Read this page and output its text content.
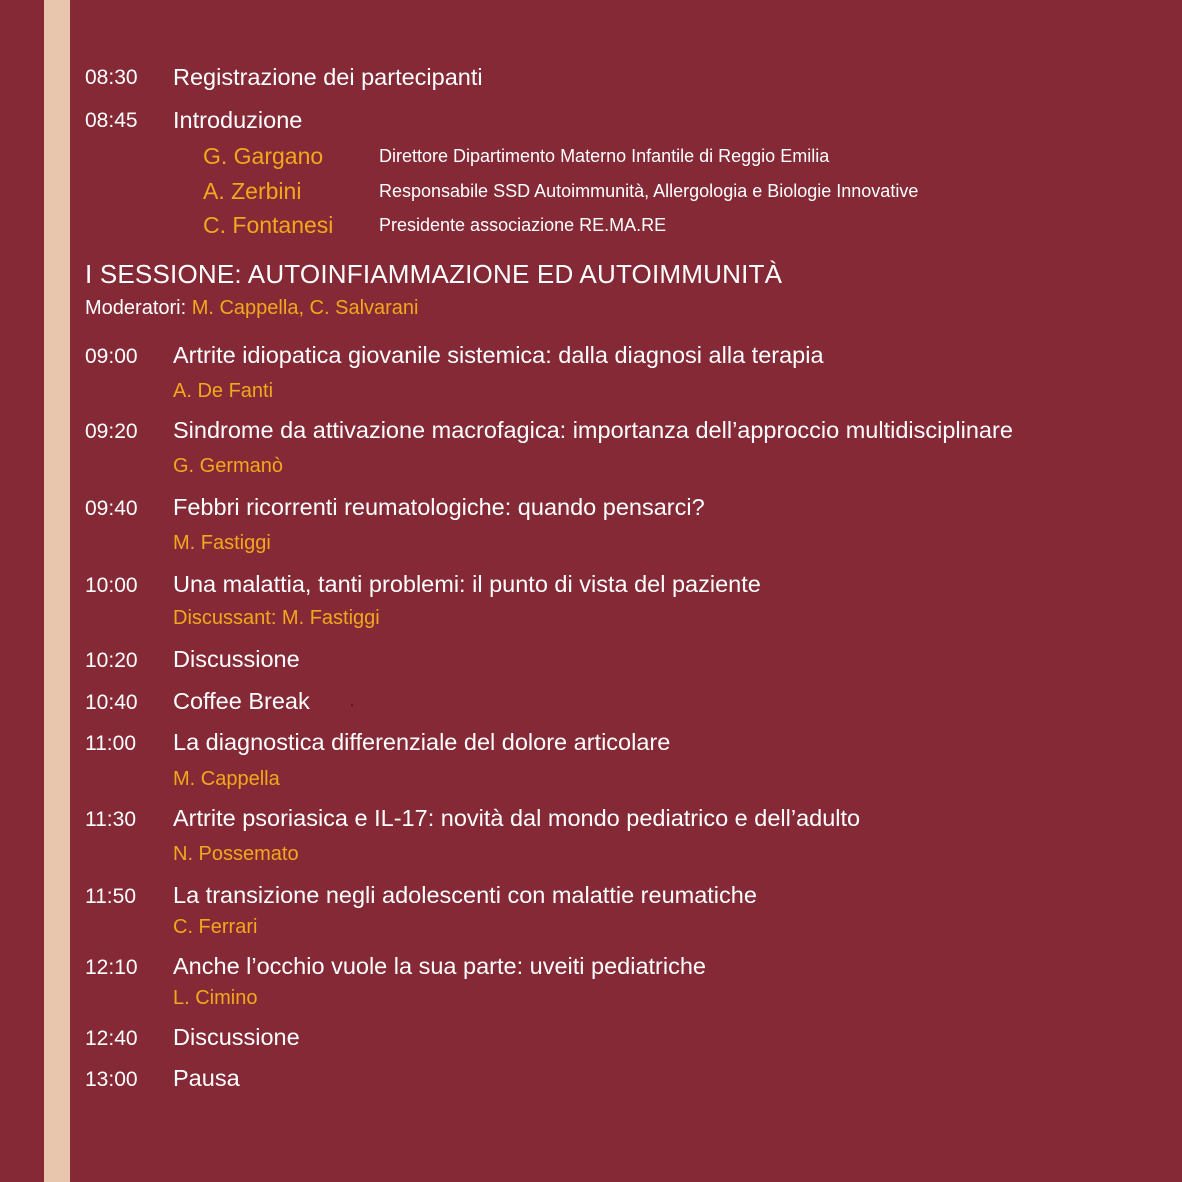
08:30 Registrazione dei partecipanti
08:45 Introduzione
G. Gargano	Direttore Dipartimento Materno Infantile di Reggio Emilia
A. Zerbini	Responsabile SSD Autoimmunità, Allergologia e Biologie Innovative
C. Fontanesi	Presidente associazione RE.MA.RE
I SESSIONE: AUTOINFIAMMAZIONE ED AUTOIMMUNITÀ
Moderatori: M. Cappella, C. Salvarani
09:00 Artrite idiopatica giovanile sistemica: dalla diagnosi alla terapia
A. De Fanti
09:20 Sindrome da attivazione macrofagica: importanza dell’approccio multidisciplinare
G. Germanò
09:40 Febbri ricorrenti reumatologiche: quando pensarci?
M. Fastiggi
10:00 Una malattia, tanti problemi: il punto di vista del paziente
Discussant: M. Fastiggi
10:20 Discussione
10:40 Coffee Break	.
11:00 La diagnostica differenziale del dolore articolare
M. Cappella
11:30 Artrite psoriasica e IL-17: novità dal mondo pediatrico e dell’adulto
N. Possemato
11:50 La transizione negli adolescenti con malattie reumatiche
C. Ferrari
12:10 Anche l’occhio vuole la sua parte: uveiti pediatriche
L. Cimino
12:40 Discussione
13:00 Pausa
